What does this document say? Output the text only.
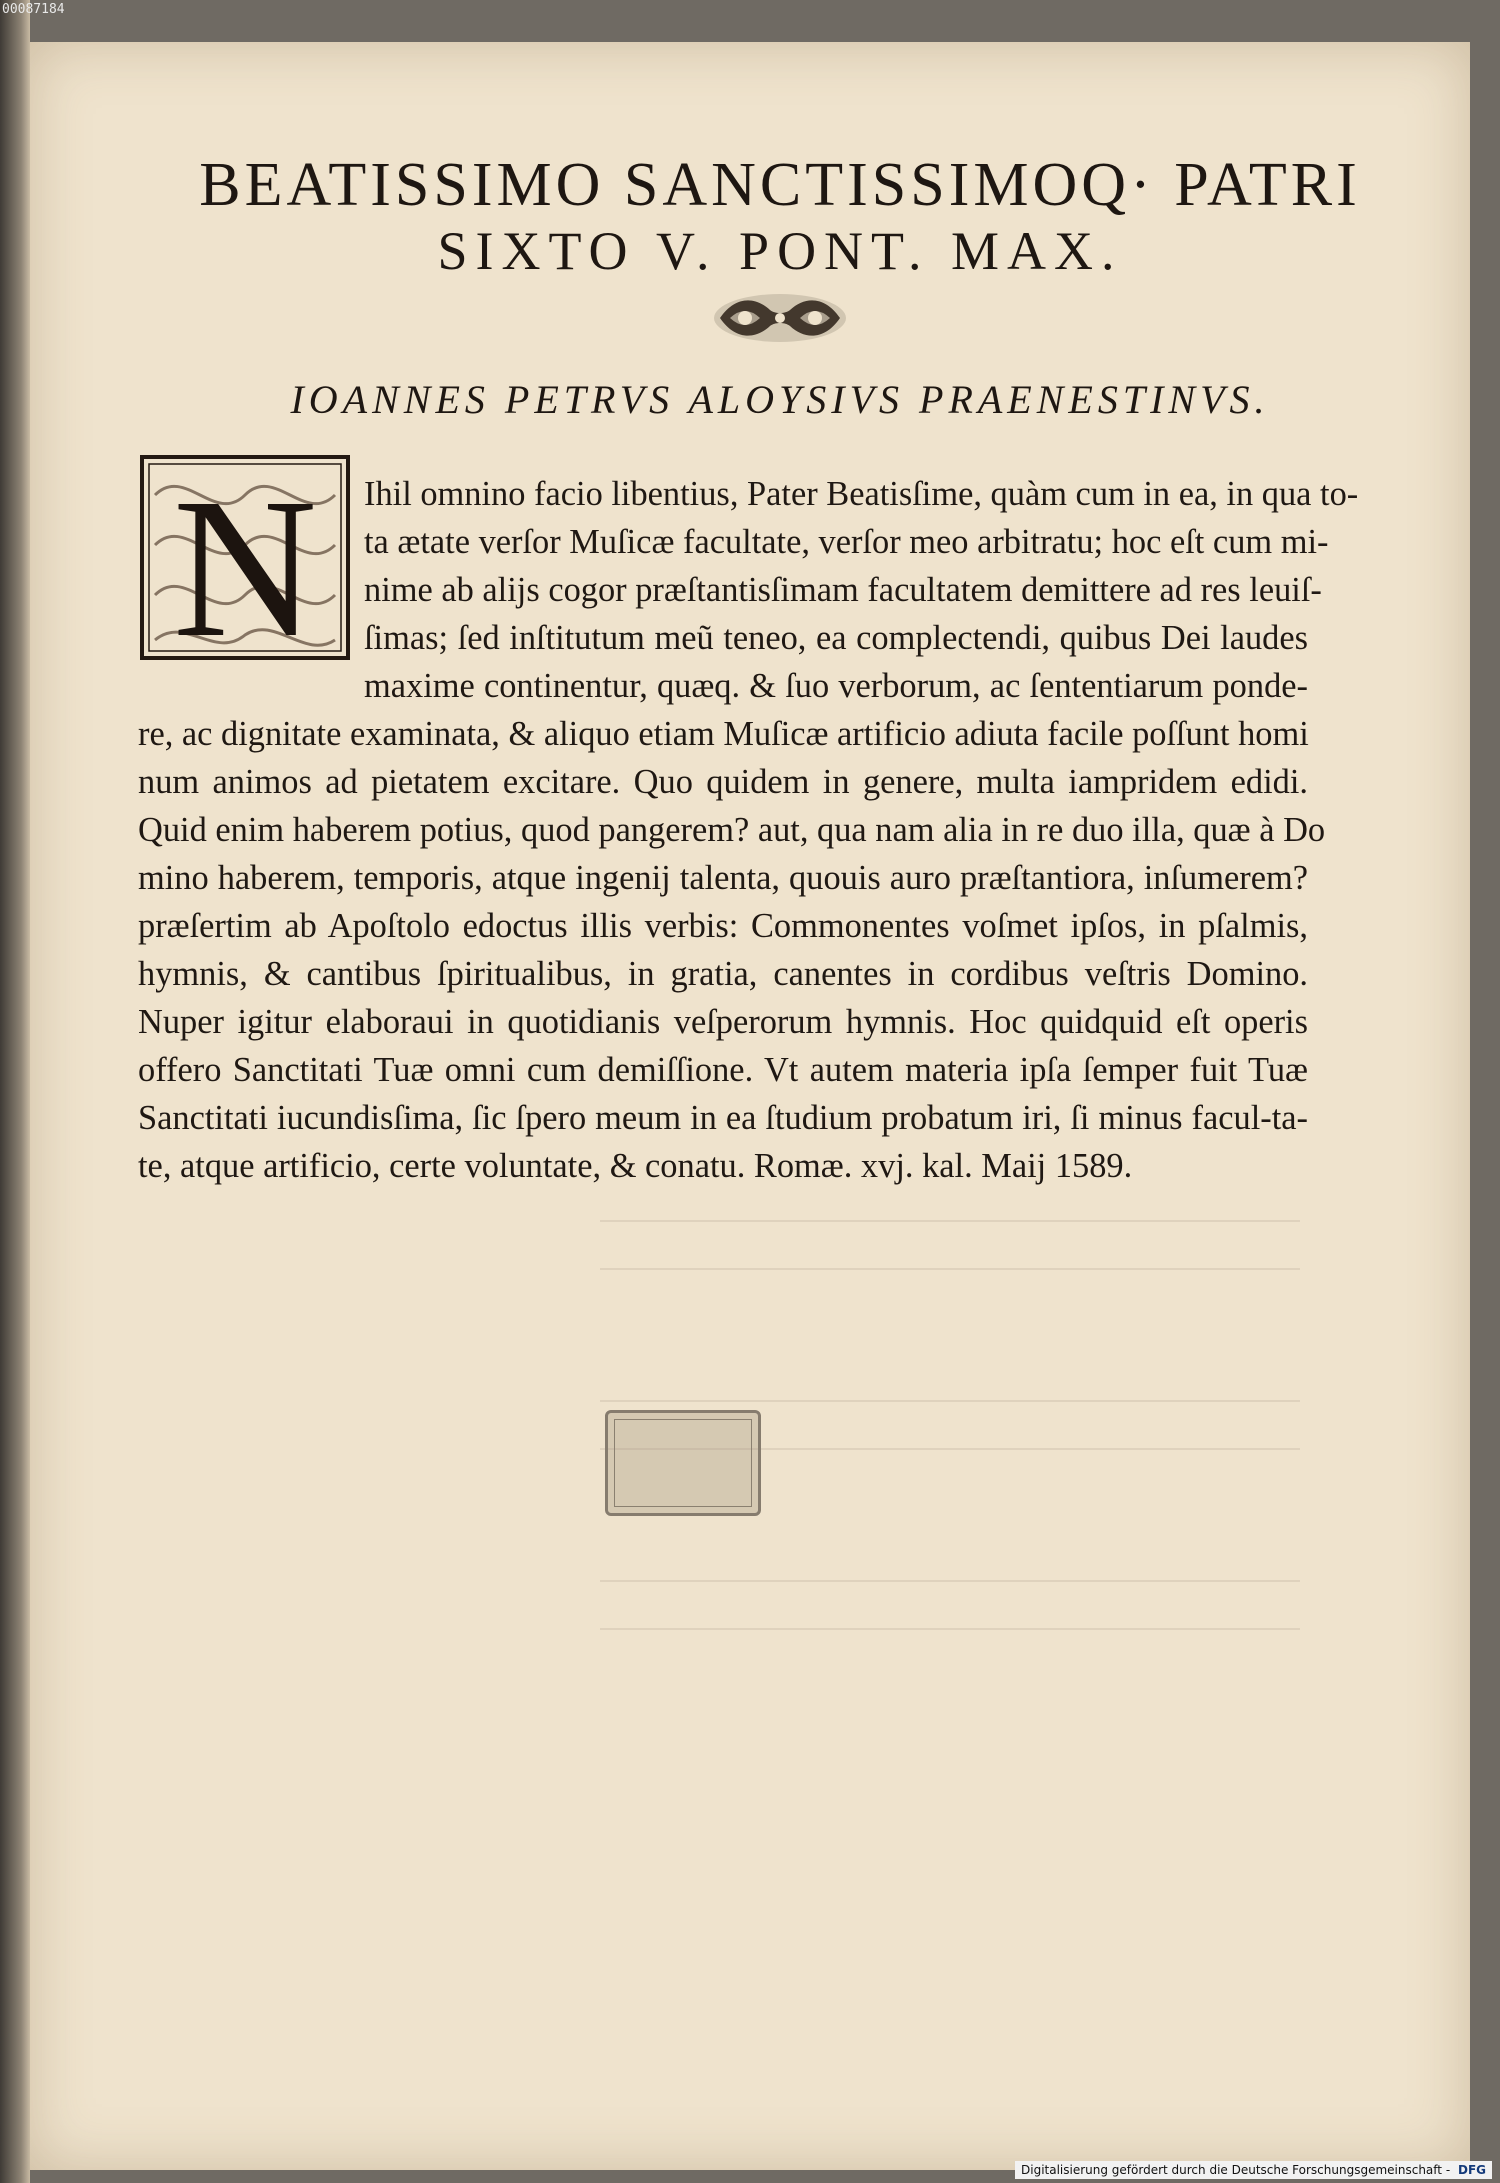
00087184
BEATISSIMO SANCTISSIMOQ· PATRI
SIXTO V. PONT. MAX.

IOANNES PETRVS ALOYSIVS PRAENESTINVS.

N Ihil omnino facio libentius, Pater Beatisſime, quàm cum in ea, in qua to-

ta ætate verſor Muſicæ facultate, verſor meo arbitratu; hoc eſt cum mi-

nime ab alijs cogor præſtantisſimam facultatem demittere ad res leuiſ-

ſimas; ſed inſtitutum meũ teneo, ea complectendi, quibus Dei laudes

maxime continentur, quæq. & ſuo verborum, ac ſententiarum ponde-

re, ac dignitate examinata, & aliquo etiam Muſicæ artificio adiuta facile poſſunt homi

num animos ad pietatem excitare. Quo quidem in genere, multa iampridem edidi.

Quid enim haberem potius, quod pangerem? aut, qua nam alia in re duo illa, quæ à Do

mino haberem, temporis, atque ingenij talenta, quouis auro præſtantiora, inſumerem?

præſertim ab Apoſtolo edoctus illis verbis: Commonentes voſmet ipſos, in pſalmis,

hymnis, & cantibus ſpiritualibus, in gratia, canentes in cordibus veſtris Domino.

Nuper igitur elaboraui in quotidianis veſperorum hymnis. Hoc quidquid eſt operis

offero Sanctitati Tuæ omni cum demiſſione. Vt autem materia ipſa ſemper fuit Tuæ

Sanctitati iucundisſima, ſic ſpero meum in ea ſtudium probatum iri, ſi minus facul-ta-

te, atque artificio, certe voluntate, & conatu. Romæ. xvj. kal. Maij 1589.

Digitalisierung gefördert durch die Deutsche Forschungsgemeinschaft - DFG
